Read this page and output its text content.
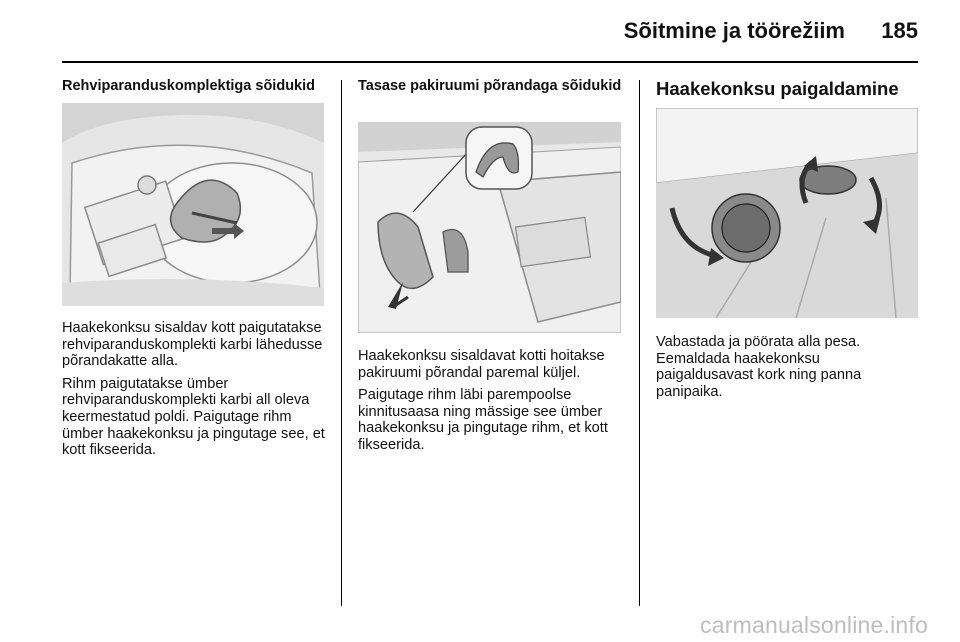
Sõitmine ja töörežiim	185
Rehviparanduskomplektiga sõidukid

Haakekonksu sisaldav kott paigutatakse rehviparanduskomplekti karbi lähedusse põrandakatte alla.

Rihm paigutatakse ümber rehviparanduskomplekti karbi all oleva keermestatud poldi. Paigutage rihm ümber haakekonksu ja pingutage see, et kott fikseerida.

Tasase pakiruumi põrandaga sõidukid

Haakekonksu sisaldavat kotti hoitakse pakiruumi põrandal paremal küljel.

Paigutage rihm läbi parempoolse kinnitusaasa ning mässige see ümber haakekonksu ja pingutage rihm, et kott fikseerida.

Haakekonksu paigaldamine

Vabastada ja pöörata alla pesa. Eemaldada haakekonksu paigaldusavast kork ning panna panipaika.

carmanualsonline.info
